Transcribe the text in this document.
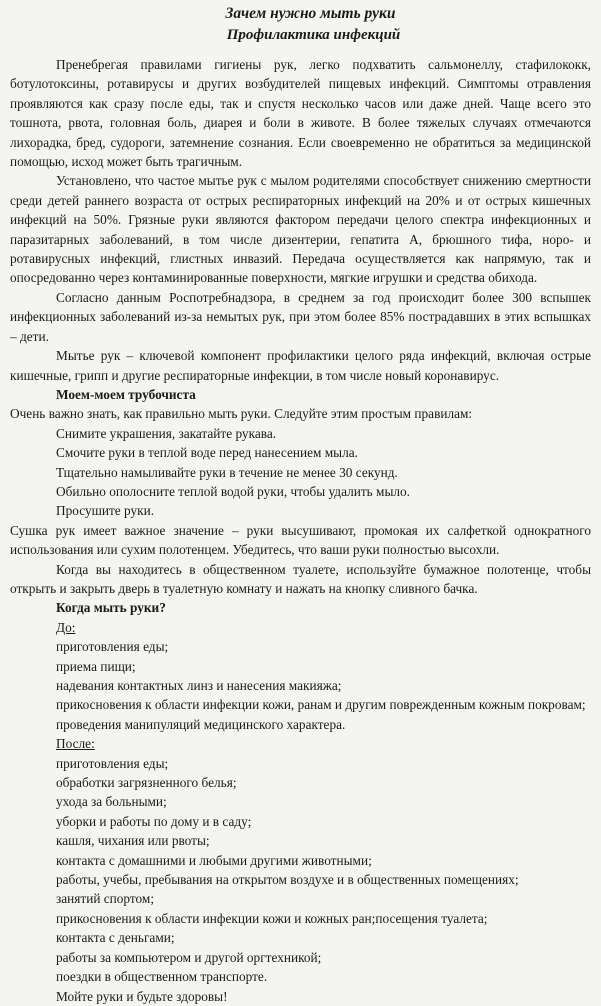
Зачем нужно мыть руки
Профилактика инфекций

Пренебрегая правилами гигиены рук, легко подхватить сальмонеллу, стафилококк, ботулотоксины, ротавирусы и других возбудителей пищевых инфекций. Симптомы отравления проявляются как сразу после еды, так и спустя несколько часов или даже дней. Чаще всего это тошнота, рвота, головная боль, диарея и боли в животе. В более тяжелых случаях отмечаются лихорадка, бред, судороги, затемнение сознания. Если своевременно не обратиться за медицинской помощью, исход может быть трагичным.

Установлено, что частое мытье рук с мылом родителями способствует снижению смертности среди детей раннего возраста от острых респираторных инфекций на 20% и от острых кишечных инфекций на 50%. Грязные руки являются фактором передачи целого спектра инфекционных и паразитарных заболеваний, в том числе дизентерии, гепатита А, брюшного тифа, норо- и ротавирусных инфекций, глистных инвазий. Передача осуществляется как напрямую, так и опосредованно через контаминированные поверхности, мягкие игрушки и средства обихода.

Согласно данным Роспотребнадзора, в среднем за год происходит более 300 вспышек инфекционных заболеваний из-за немытых рук, при этом более 85% пострадавших в этих вспышках – дети.

Мытье рук – ключевой компонент профилактики целого ряда инфекций, включая острые кишечные, грипп и другие респираторные инфекции, в том числе новый коронавирус.

Моем-моем трубочиста

Очень важно знать, как правильно мыть руки. Следуйте этим простым правилам:

Снимите украшения, закатайте рукава.

Смочите руки в теплой воде перед нанесением мыла.

Тщательно намыливайте руки в течение не менее 30 секунд.

Обильно ополосните теплой водой руки, чтобы удалить мыло.

Просушите руки.

Сушка рук имеет важное значение – руки высушивают, промокая их салфеткой однократного использования или сухим полотенцем. Убедитесь, что ваши руки полностью высохли.

Когда вы находитесь в общественном туалете, используйте бумажное полотенце, чтобы открыть и закрыть дверь в туалетную комнату и нажать на кнопку сливного бачка.

Когда мыть руки?

До:

приготовления еды;

приема пищи;

надевания контактных линз и нанесения макияжа;

прикосновения к области инфекции кожи, ранам и другим поврежденным кожным покровам;

проведения манипуляций медицинского характера.

После:

приготовления еды;

обработки загрязненного белья;

ухода за больными;

уборки и работы по дому и в саду;

кашля, чихания или рвоты;

контакта с домашними и любыми другими животными;

работы, учебы, пребывания на открытом воздухе и в общественных помещениях;

занятий спортом;

прикосновения к области инфекции кожи и кожных ран;посещения туалета;

контакта с деньгами;

работы за компьютером и другой оргтехникой;

поездки в общественном транспорте.

Мойте руки и будьте здоровы!
